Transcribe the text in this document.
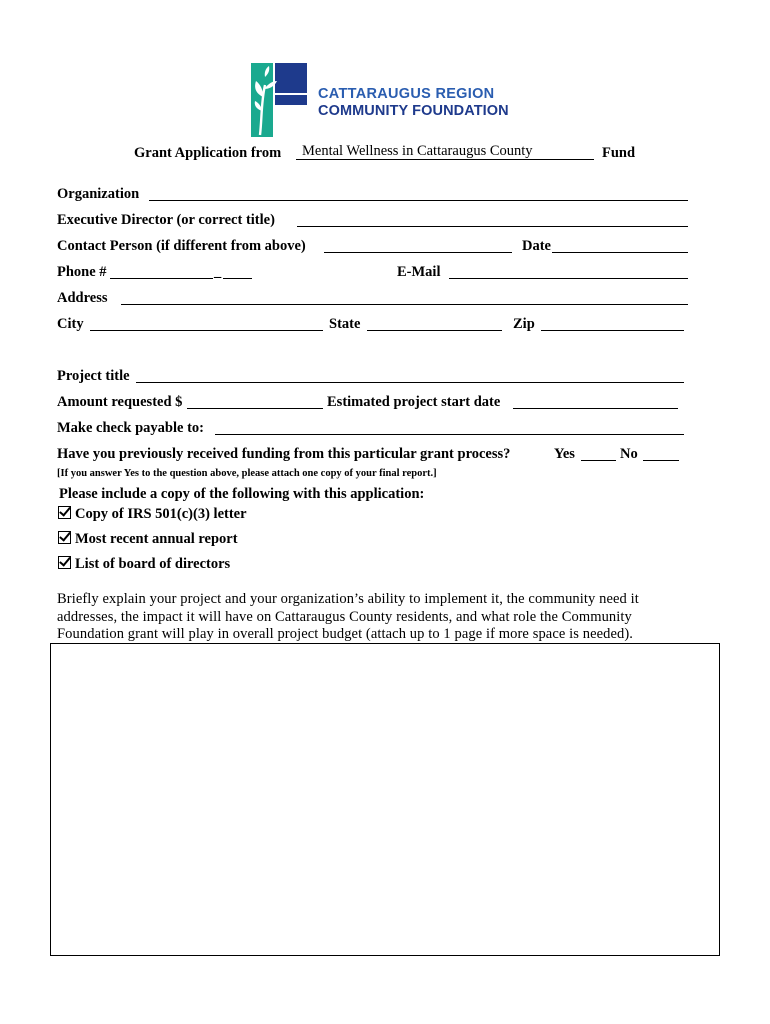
CATTARAUGUS REGION
COMMUNITY FOUNDATION
Grant Application from Mental Wellness in Cattaraugus County	Fund
Organization
Executive Director (or correct title)
Contact Person (if different from above)	Date
Phone #	_	E-Mail
Address
City	State	Zip
Project title
Amount requested $	Estimated project start date
Make check payable to:
Have you previously received funding from this particular grant process?	Yes	No
[If you answer Yes to the question above, please attach one copy of your final report.]
Please include a copy of the following with this application:
Copy of IRS 501(c)(3) letter
Most recent annual report
List of board of directors
Briefly explain your project and your organization’s ability to implement it, the community need it addresses, the impact it will have on Cattaraugus County residents, and what role the Community Foundation grant will play in overall project budget (attach up to 1 page if more space is needed).
